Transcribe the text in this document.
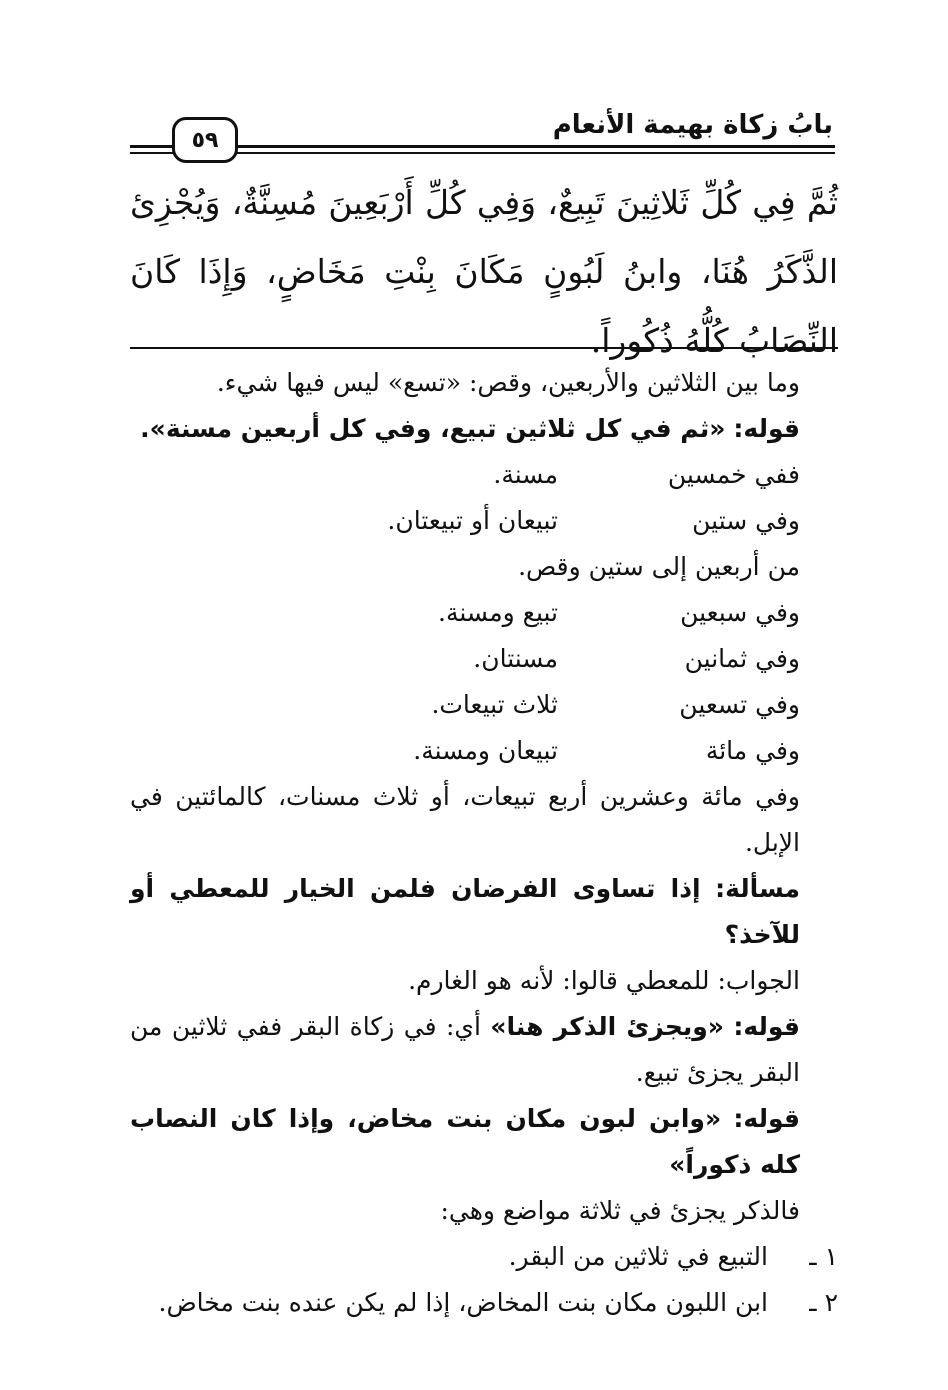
بابُ زكاة بهيمة الأنعام
٥٩
ثُمَّ فِي كُلِّ ثَلاثِينَ تَبِيعٌ، وَفِي كُلِّ أَرْبَعِينَ مُسِنَّةٌ، وَيُجْزِئ الذَّكَرُ هُنَا، وابنُ لَبُونٍ مَكَانَ بِنْتِ مَخَاضٍ، وَإِذَا كَانَ النِّصَابُ كُلُّهُ ذُكُوراً.

وما بين الثلاثين والأربعين، وقص: «تسع» ليس فيها شيء.

قوله: «ثم في كل ثلاثين تبيع، وفي كل أربعين مسنة».

ففي خمسين
مسنة.
وفي ستين
تبيعان أو تبيعتان.

من أربعين إلى ستين وقص.

وفي سبعين
تبيع ومسنة.
وفي ثمانين
مسنتان.
وفي تسعين
ثلاث تبيعات.
وفي مائة
تبيعان ومسنة.

وفي مائة وعشرين أربع تبيعات، أو ثلاث مسنات، كالمائتين في الإبل.

مسألة: إذا تساوى الفرضان فلمن الخيار للمعطي أو للآخذ؟

الجواب: للمعطي قالوا: لأنه هو الغارم.

قوله: «ويجزئ الذكر هنا» أي: في زكاة البقر ففي ثلاثين من البقر يجزئ تبيع.

قوله: «وابن لبون مكان بنت مخاض، وإذا كان النصاب كله ذكوراً»

فالذكر يجزئ في ثلاثة مواضع وهي:

١ ـ
التبيع في ثلاثين من البقر.
٢ ـ
ابن اللبون مكان بنت المخاض، إذا لم يكن عنده بنت مخاض.
